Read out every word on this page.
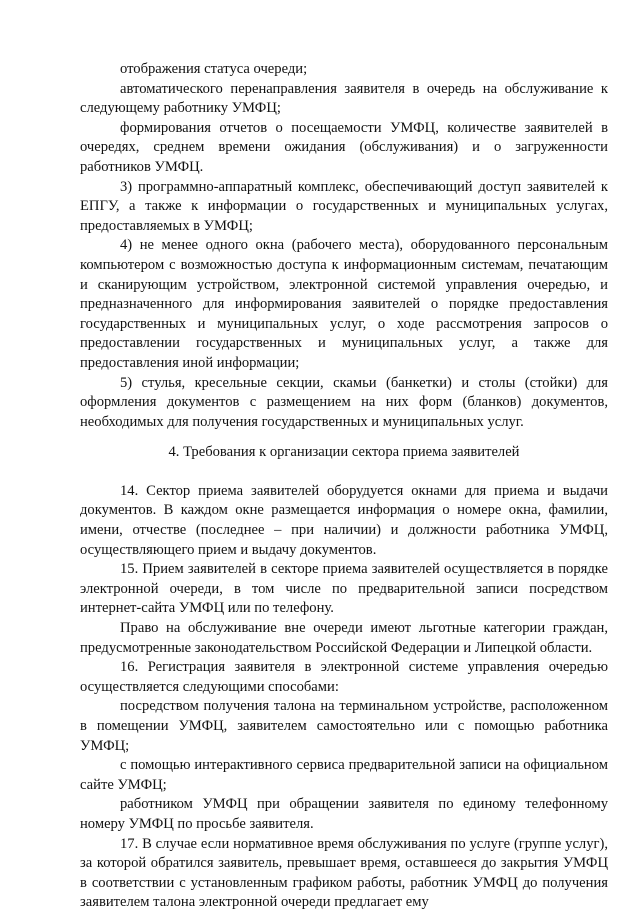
отображения статуса очереди;

автоматического перенаправления заявителя в очередь на обслуживание к следующему работнику УМФЦ;

формирования отчетов о посещаемости УМФЦ, количестве заявителей в очередях, среднем времени ожидания (обслуживания) и о загруженности работников УМФЦ.

3) программно-аппаратный комплекс, обеспечивающий доступ заявителей к ЕПГУ, а также к информации о государственных и муниципальных услугах, предоставляемых в УМФЦ;

4) не менее одного окна (рабочего места), оборудованного персональным компьютером с возможностью доступа к информационным системам, печатающим и сканирующим устройством, электронной системой управления очередью, и предназначенного для информирования заявителей о порядке предоставления государственных и муниципальных услуг, о ходе рассмотрения запросов о предоставлении государственных и муниципальных услуг, а также для предоставления иной информации;

5) стулья, кресельные секции, скамьи (банкетки) и столы (стойки) для оформления документов с размещением на них форм (бланков) документов, необходимых для получения государственных и муниципальных услуг.

4. Требования к организации сектора приема заявителей

14. Сектор приема заявителей оборудуется окнами для приема и выдачи документов. В каждом окне размещается информация о номере окна, фамилии, имени, отчестве (последнее – при наличии) и должности работника УМФЦ, осуществляющего прием и выдачу документов.

15. Прием заявителей в секторе приема заявителей осуществляется в порядке электронной очереди, в том числе по предварительной записи посредством интернет-сайта УМФЦ или по телефону.

Право на обслуживание вне очереди имеют льготные категории граждан, предусмотренные законодательством Российской Федерации и Липецкой области.

16. Регистрация заявителя в электронной системе управления очередью осуществляется следующими способами:

посредством получения талона на терминальном устройстве, расположенном в помещении УМФЦ, заявителем самостоятельно или с помощью работника УМФЦ;

с помощью интерактивного сервиса предварительной записи на официальном сайте УМФЦ;

работником УМФЦ при обращении заявителя по единому телефонному номеру УМФЦ по просьбе заявителя.

17. В случае если нормативное время обслуживания по услуге (группе услуг), за которой обратился заявитель, превышает время, оставшееся до закрытия УМФЦ в соответствии с установленным графиком работы, работник УМФЦ до получения заявителем талона электронной очереди предлагает ему
